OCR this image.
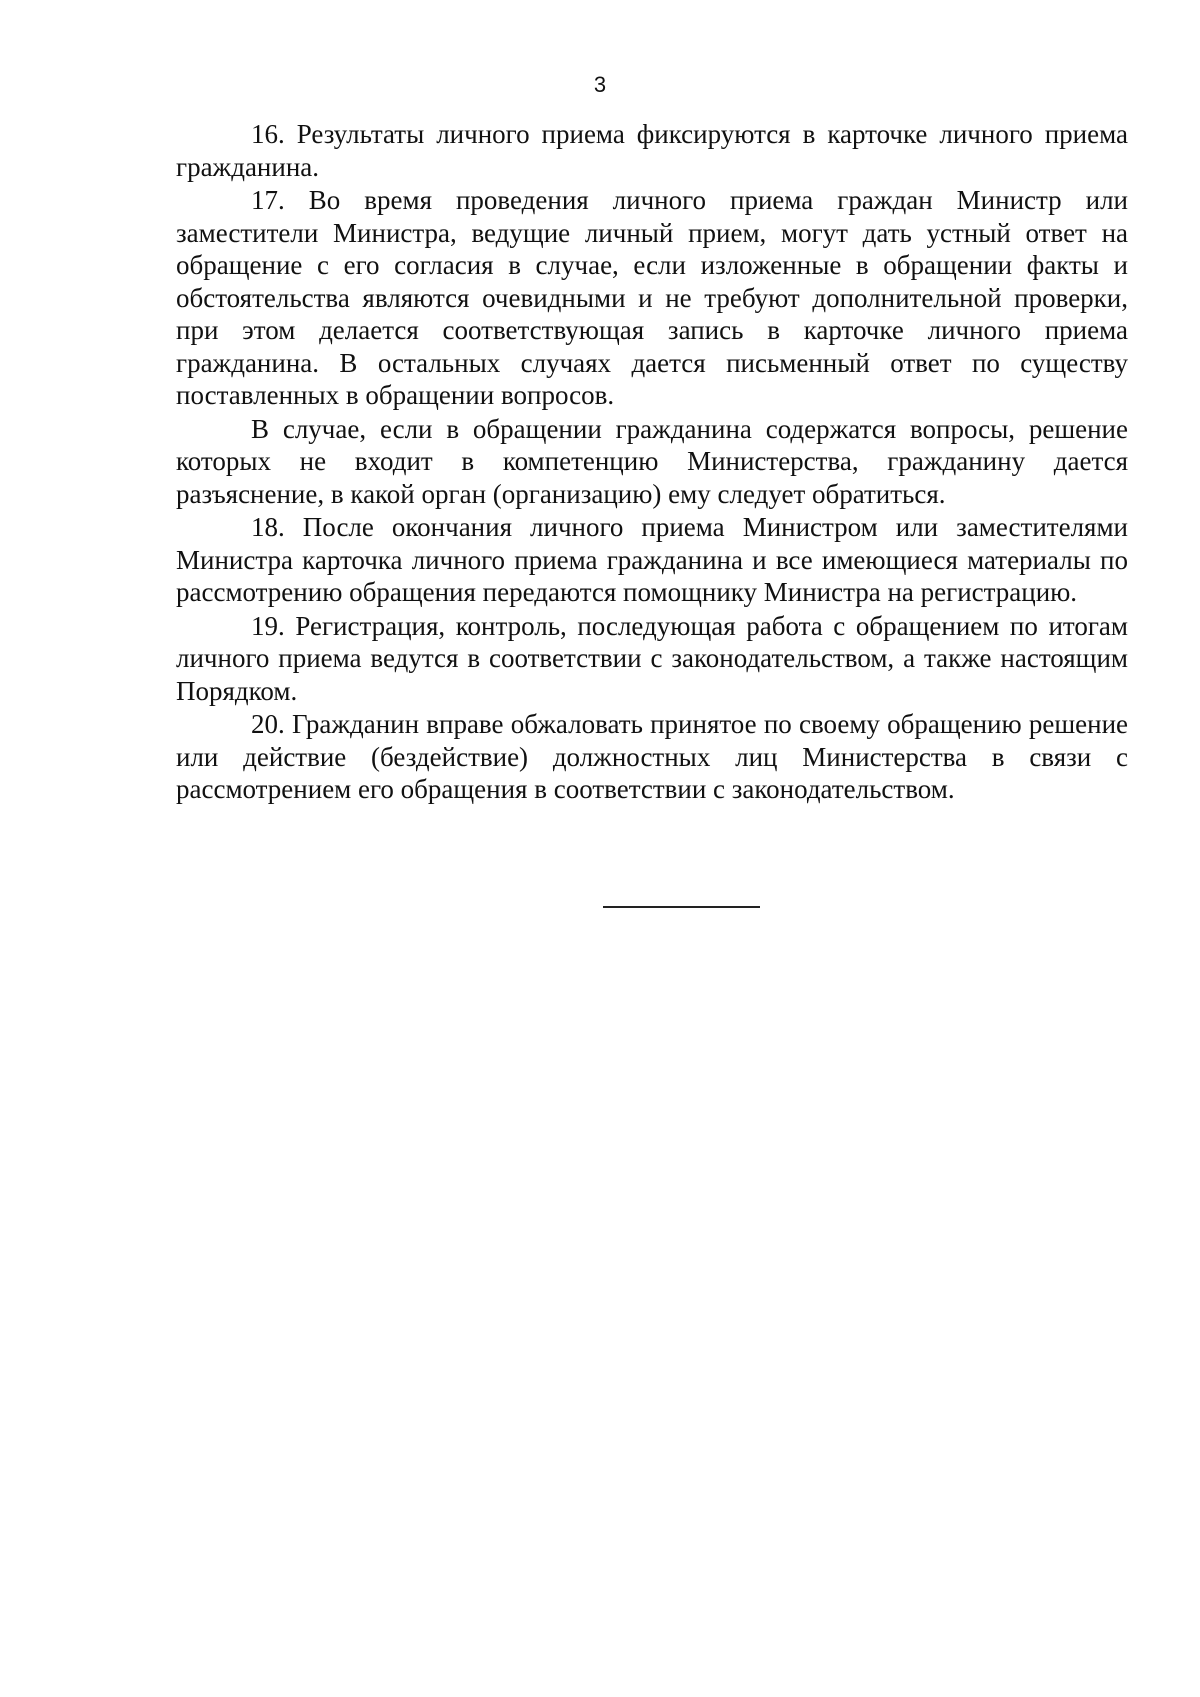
3

16. Результаты личного приема фиксируются в карточке личного приема гражданина.

17. Во время проведения личного приема граждан Министр или заместители Министра, ведущие личный прием, могут дать устный ответ на обращение с его согласия в случае, если изложенные в обращении факты и обстоятельства являются очевидными и не требуют дополнительной проверки, при этом делается соответствующая запись в карточке личного приема гражданина. В остальных случаях дается письменный ответ по существу поставленных в обращении вопросов.

В случае, если в обращении гражданина содержатся вопросы, решение которых не входит в компетенцию Министерства, гражданину дается разъяснение, в какой орган (организацию) ему следует обратиться.

18. После окончания личного приема Министром или заместителями Министра карточка личного приема гражданина и все имеющиеся материалы по рассмотрению обращения передаются помощнику Министра на регистрацию.

19. Регистрация, контроль, последующая работа с обращением по итогам личного приема ведутся в соответствии с законодательством, а также настоящим Порядком.

20. Гражданин вправе обжаловать принятое по своему обращению решение или действие (бездействие) должностных лиц Министерства в связи с рассмотрением его обращения в соответствии с законодательством.
